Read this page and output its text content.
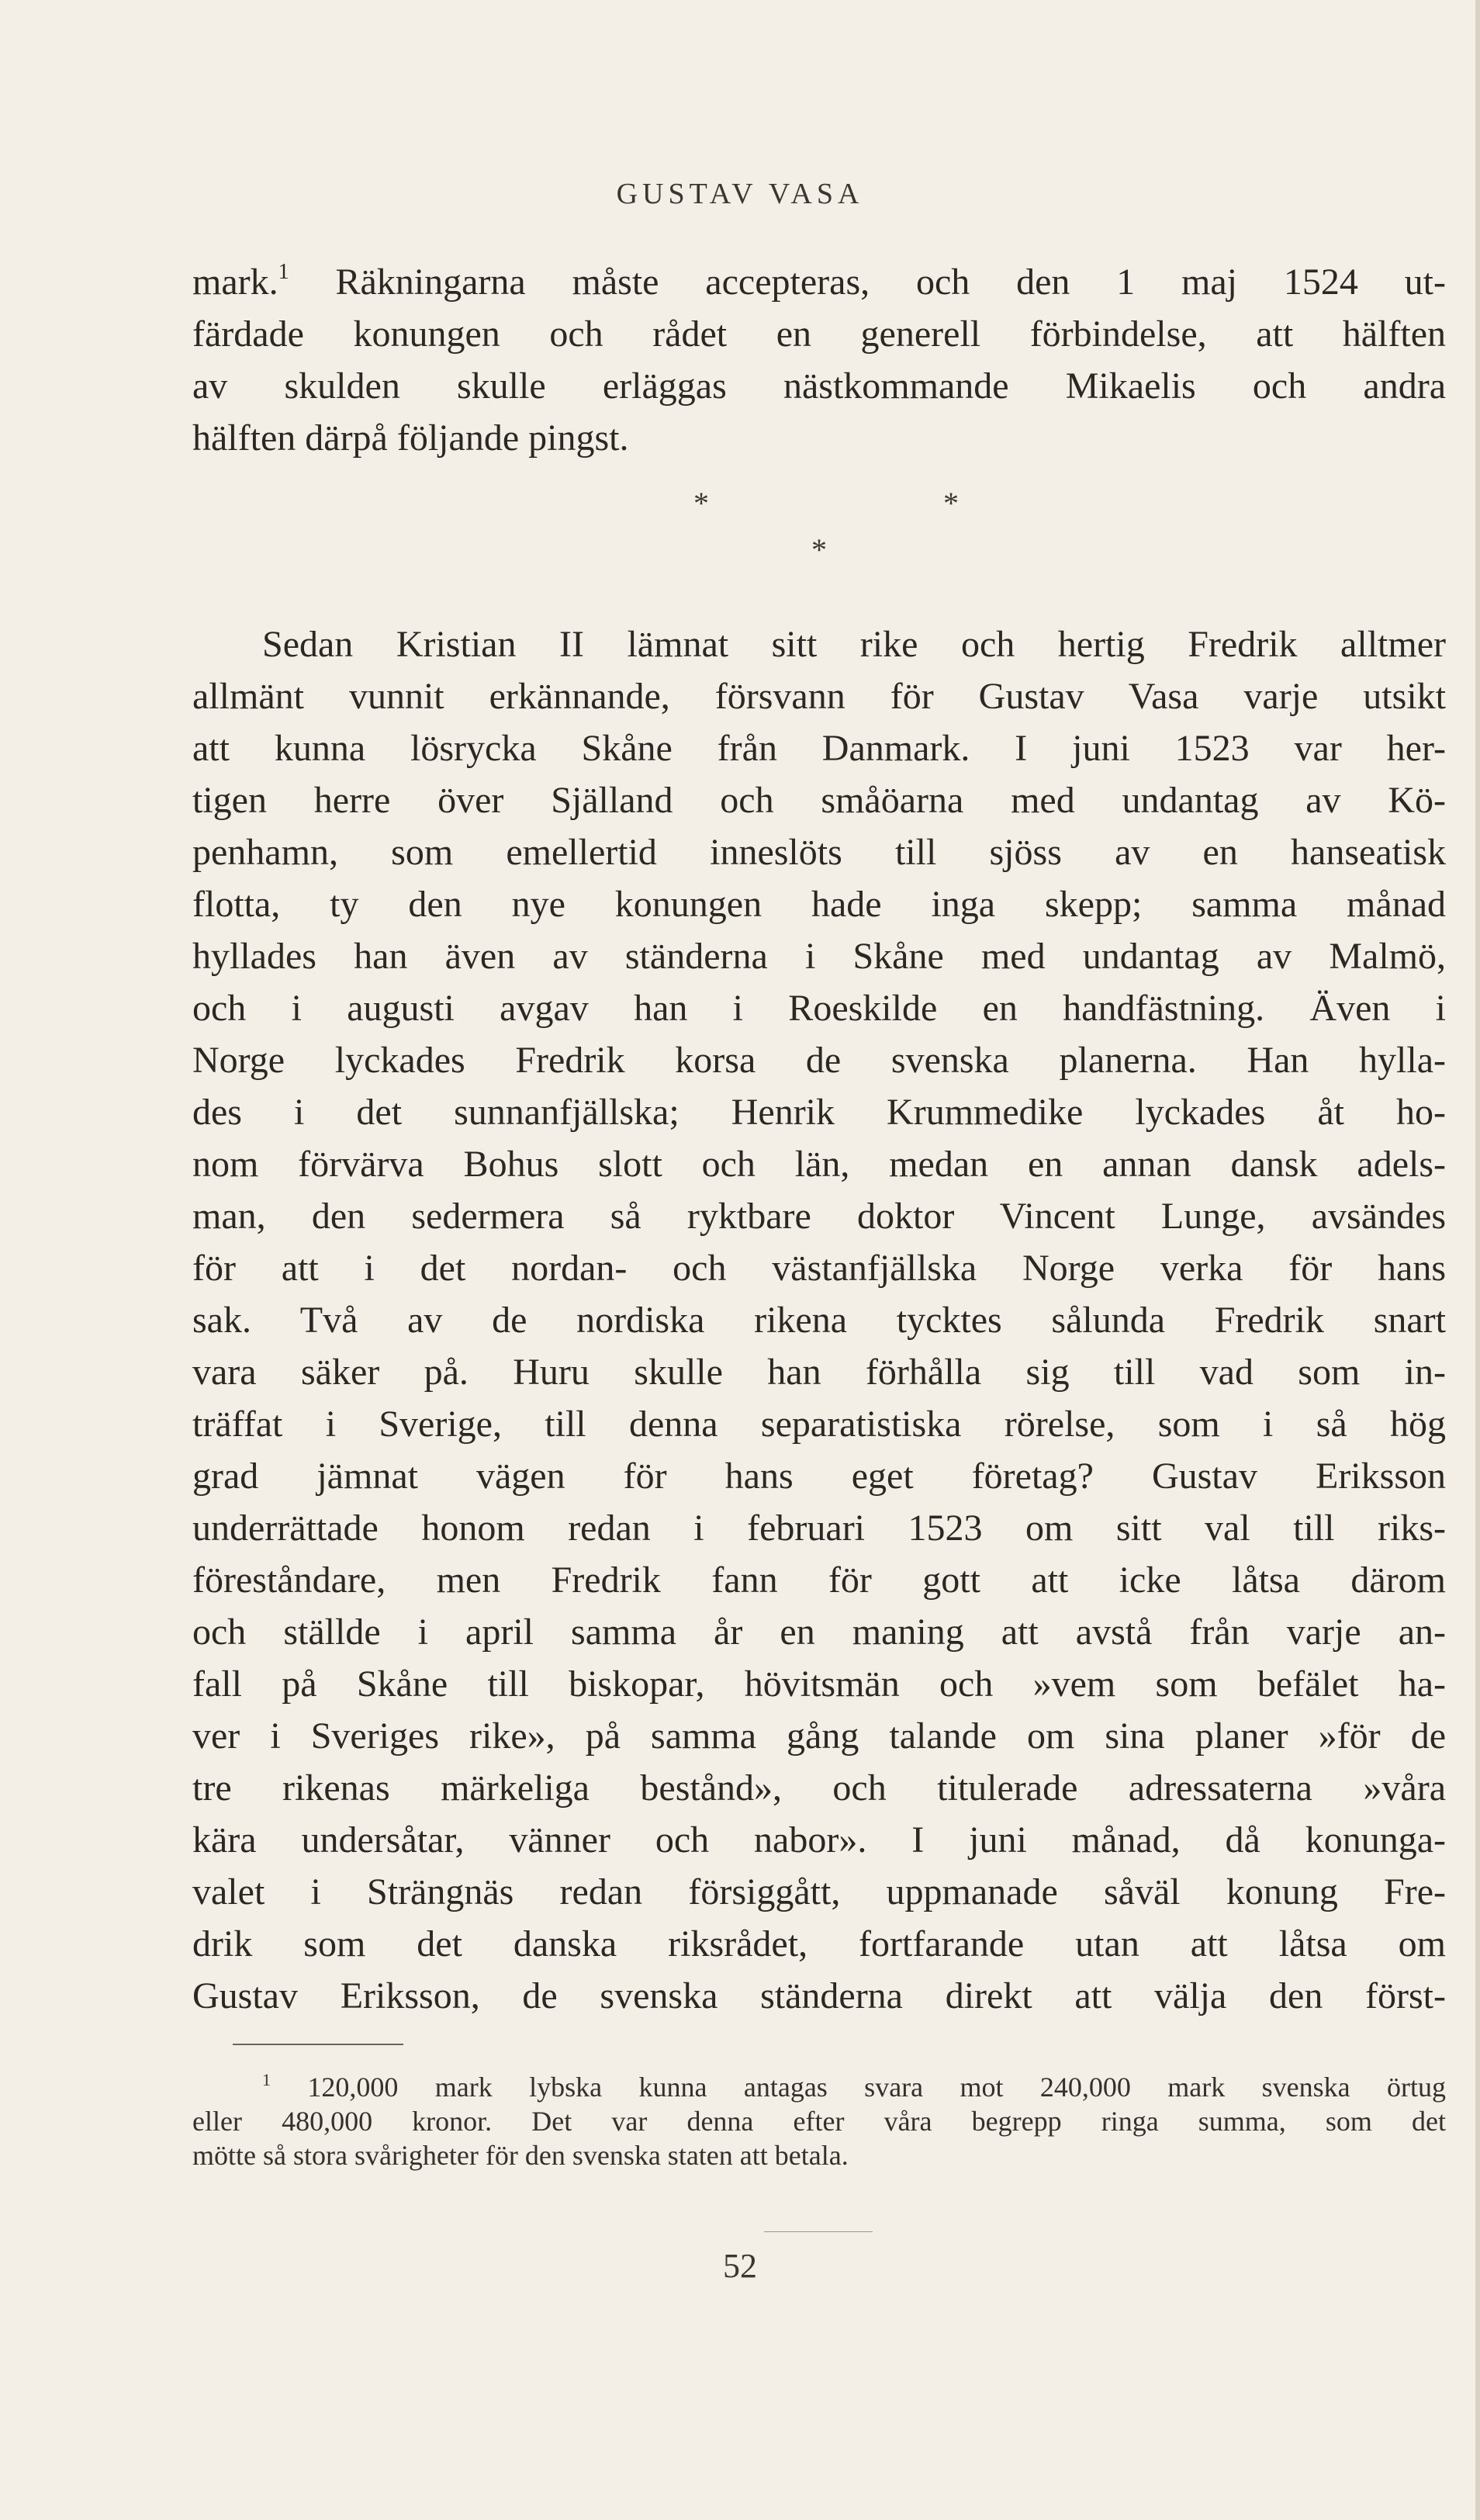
GUSTAV VASA
mark.$^1$ Räkningarna måste accepteras, och den 1 maj 1524 ut-
färdade konungen och rådet en generell förbindelse, att hälften
av skulden skulle erläggas nästkommande Mikaelis och andra
hälften därpå följande pingst.
*	*
*
Sedan Kristian II lämnat sitt rike och hertig Fredrik alltmer
allmänt vunnit erkännande, försvann för Gustav Vasa varje utsikt
att kunna lösrycka Skåne från Danmark. I juni 1523 var her-
tigen herre över Själland och småöarna med undantag av Kö-
penhamn, som emellertid inneslöts till sjöss av en hanseatisk
flotta, ty den nye konungen hade inga skepp; samma månad
hyllades han även av ständerna i Skåne med undantag av Malmö,
och i augusti avgav han i Roeskilde en handfästning. Även i
Norge lyckades Fredrik korsa de svenska planerna. Han hylla-
des i det sunnanfjällska; Henrik Krummedike lyckades åt ho-
nom förvärva Bohus slott och län, medan en annan dansk adels-
man, den sedermera så ryktbare doktor Vincent Lunge, avsändes
för att i det nordan- och västanfjällska Norge verka för hans
sak. Två av de nordiska rikena tycktes sålunda Fredrik snart
vara säker på. Huru skulle han förhålla sig till vad som in-
träffat i Sverige, till denna separatistiska rörelse, som i så hög
grad jämnat vägen för hans eget företag? Gustav Eriksson
underrättade honom redan i februari 1523 om sitt val till riks-
föreståndare, men Fredrik fann för gott att icke låtsa därom
och ställde i april samma år en maning att avstå från varje an-
fall på Skåne till biskopar, hövitsmän och »vem som befälet ha-
ver i Sveriges rike», på samma gång talande om sina planer »för de
tre rikenas märkeliga bestånd», och titulerade adressaterna »våra
kära undersåtar, vänner och nabor». I juni månad, då konunga-
valet i Strängnäs redan försiggått, uppmanade såväl konung Fre-
drik som det danska riksrådet, fortfarande utan att låtsa om
Gustav Eriksson, de svenska ständerna direkt att välja den först-
$^1$ 120,000 mark lybska kunna antagas svara mot 240,000 mark svenska örtug
eller 480,000 kronor. Det var denna efter våra begrepp ringa summa, som det
mötte så stora svårigheter för den svenska staten att betala.
52
